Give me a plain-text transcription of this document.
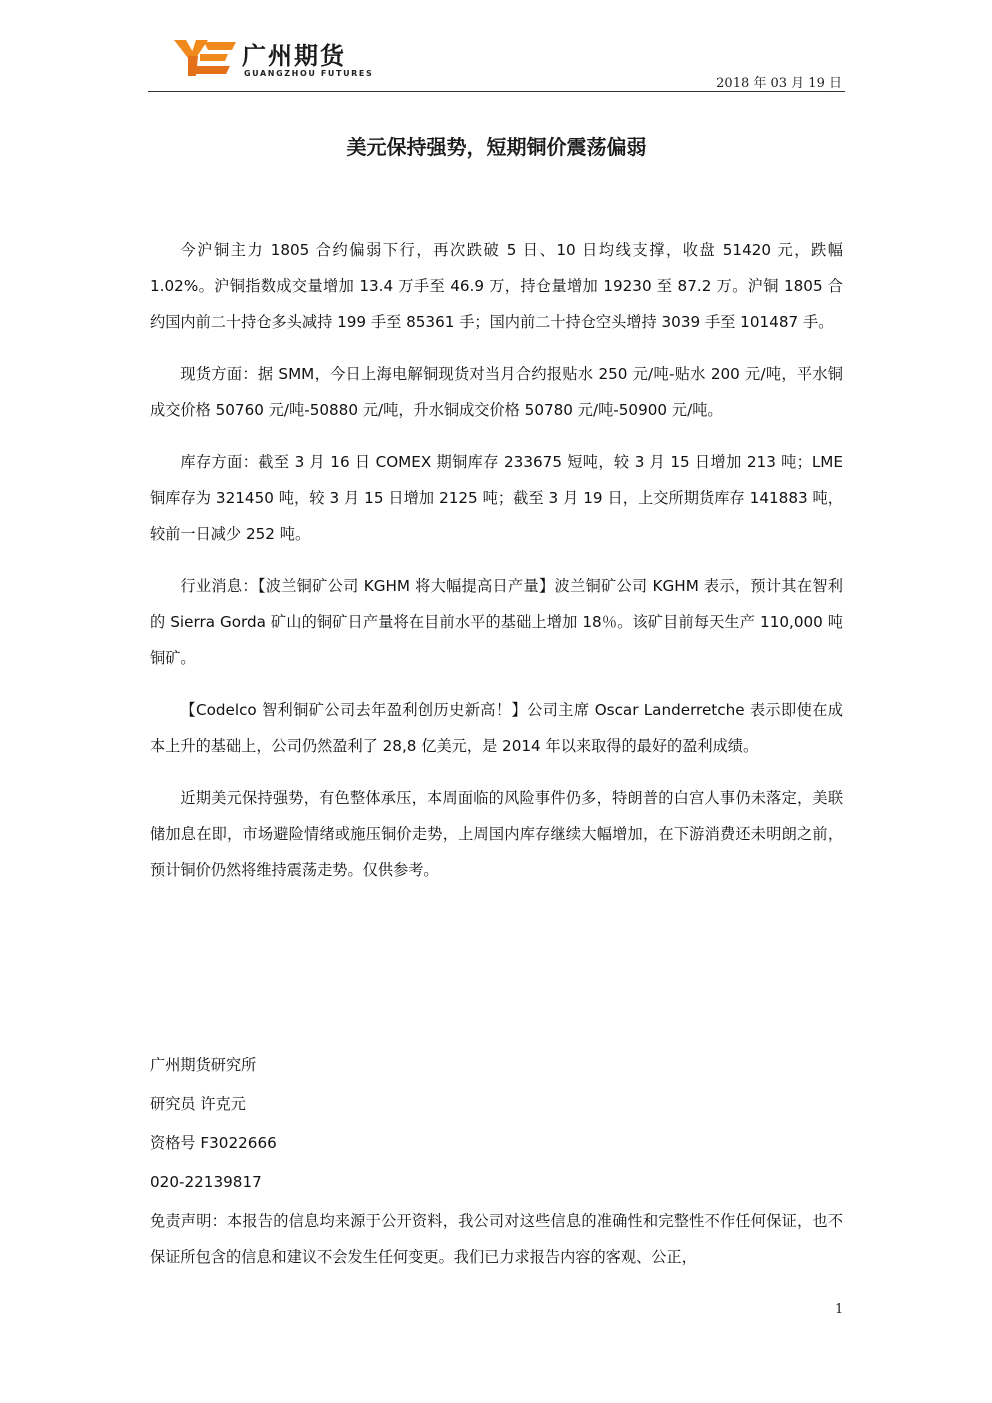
广州期货
GUANGZHOU FUTURES
2018 年 03 月 19 日
美元保持强势，短期铜价震荡偏弱

今沪铜主力 1805 合约偏弱下行，再次跌破 5 日、10 日均线支撑，收盘 51420 元，跌幅 1.02%。沪铜指数成交量增加 13.4 万手至 46.9 万，持仓量增加 19230 至 87.2 万。沪铜 1805 合约国内前二十持仓多头减持 199 手至 85361 手；国内前二十持仓空头增持 3039 手至 101487 手。

现货方面：据 SMM，今日上海电解铜现货对当月合约报贴水 250 元/吨-贴水 200 元/吨，平水铜成交价格 50760 元/吨-50880 元/吨，升水铜成交价格 50780 元/吨-50900 元/吨。

库存方面：截至 3 月 16 日 COMEX 期铜库存 233675 短吨，较 3 月 15 日增加 213 吨；LME 铜库存为 321450 吨，较 3 月 15 日增加 2125 吨；截至 3 月 19 日，上交所期货库存 141883 吨，较前一日减少 252 吨。

行业消息：【波兰铜矿公司 KGHM 将大幅提高日产量】波兰铜矿公司 KGHM 表示，预计其在智利的 Sierra Gorda 矿山的铜矿日产量将在目前水平的基础上增加 18％。该矿目前每天生产 110,000 吨铜矿。

【Codelco 智利铜矿公司去年盈利创历史新高！】公司主席 Oscar Landerretche 表示即使在成本上升的基础上，公司仍然盈利了 28,8 亿美元，是 2014 年以来取得的最好的盈利成绩。

近期美元保持强势，有色整体承压，本周面临的风险事件仍多，特朗普的白宫人事仍未落定，美联储加息在即，市场避险情绪或施压铜价走势，上周国内库存继续大幅增加，在下游消费还未明朗之前，预计铜价仍然将维持震荡走势。仅供参考。

广州期货研究所
研究员 许克元
资格号 F3022666
020-22139817
免责声明：本报告的信息均来源于公开资料，我公司对这些信息的准确性和完整性不作任何保证，也不保证所包含的信息和建议不会发生任何变更。我们已力求报告内容的客观、公正，
1
